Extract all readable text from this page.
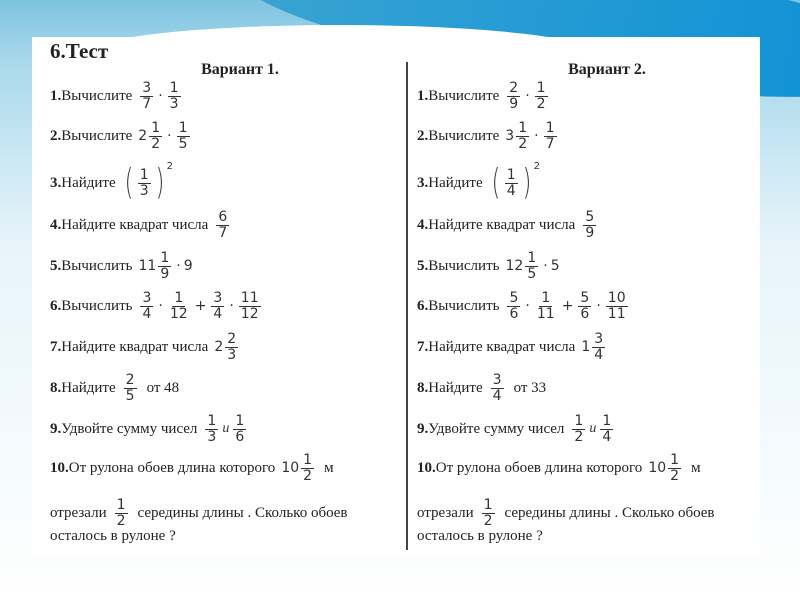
6.Тест
Вариант 1.
1. Вычислите $\frac{3}{7} \cdot \frac{1}{3}$
2. Вычислите $2 \frac{1}{2} \cdot \frac{1}{5}$
3. Найдите ( $\frac{1}{3}$ ) 2
4. Найдите квадрат числа $\frac{6}{7}$
5. Вычислить $11 \frac{1}{9} \cdot 9$
6. Вычислить $\frac{3}{4} \cdot \frac{1}{12} + \frac{3}{4} \cdot \frac{11}{12}$
7. Найдите квадрат числа $2 \frac{2}{3}$
8. Найдите $\frac{2}{5}$ от 48
9. Удвойте сумму чисел $\frac{1}{3}$ и $\frac{1}{6}$
10. От рулона обоев длина которого $10 \frac{1}{2}$ м
отрезали $\frac{1}{2}$ середины длины . Сколько обоев
осталось в рулоне ?
Вариант 2.
1. Вычислите $\frac{2}{9} \cdot \frac{1}{2}$
2. Вычислите $3 \frac{1}{2} \cdot \frac{1}{7}$
3. Найдите ( $\frac{1}{4}$ ) 2
4. Найдите квадрат числа $\frac{5}{9}$
5. Вычислить $12 \frac{1}{5} \cdot 5$
6. Вычислить $\frac{5}{6} \cdot \frac{1}{11} + \frac{5}{6} \cdot \frac{10}{11}$
7. Найдите квадрат числа $1 \frac{3}{4}$
8. Найдите $\frac{3}{4}$ от 33
9. Удвойте сумму чисел $\frac{1}{2}$ и $\frac{1}{4}$
10. От рулона обоев длина которого $10 \frac{1}{2}$ м
отрезали $\frac{1}{2}$ середины длины . Сколько обоев
осталось в рулоне ?
